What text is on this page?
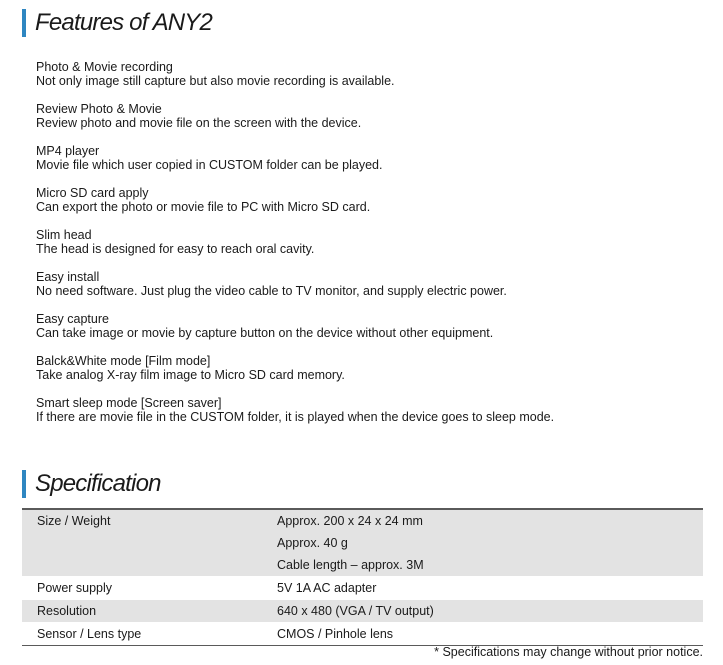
Features of ANY2
Photo & Movie recording
Not only image still capture but also movie recording is available.
Review Photo & Movie
Review photo and movie file on the screen with the device.
MP4 player
Movie file which user copied in CUSTOM folder can be played.
Micro SD card apply
Can export the photo or movie file to PC with Micro SD card.
Slim head
The head is designed for easy to reach oral cavity.
Easy install
No need software. Just plug the video cable to TV monitor, and supply electric power.
Easy capture
Can take image or movie by capture button on the device without other equipment.
Balck&White mode [Film mode]
Take analog X-ray film image to Micro SD card memory.
Smart sleep mode [Screen saver]
If there are movie file in the CUSTOM folder, it is played when the device goes to sleep mode.
Specification
Size / Weight	Approx. 200 x 24 x 24 mm
Approx. 40 g
Cable length – approx. 3M

Power supply	5V 1A AC adapter
Resolution	640 x 480 (VGA / TV output)
Sensor / Lens type	CMOS / Pinhole lens
* Specifications may change without prior notice.
